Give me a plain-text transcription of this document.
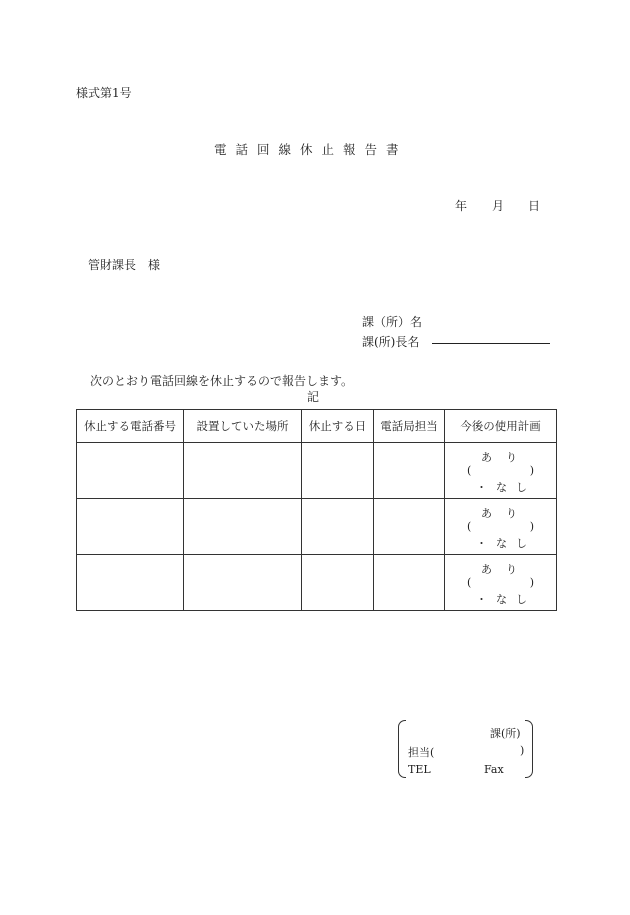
様式第1号
電話回線休止報告書
年 月 日
管財課長　様
課（所）名
課(所)長名
次のとおり電話回線を休止するので報告します。
記
休止する電話番号	設置していた場所	休止する日	電話局担当	今後の使用計画

				あり
( )
・なし

				あり
( )
・なし

				あり
( )
・なし
課(所)
担当(	)
TEL	Fax
